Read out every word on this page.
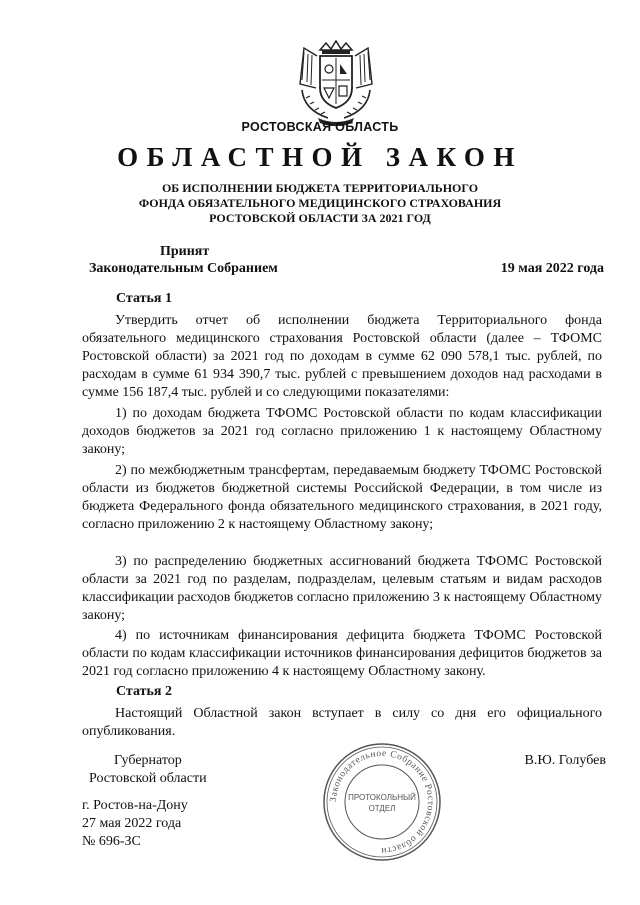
РОСТОВСКАЯ ОБЛАСТЬ
ОБЛАСТНОЙ ЗАКОН
ОБ ИСПОЛНЕНИИ БЮДЖЕТА ТЕРРИТОРИАЛЬНОГО
ФОНДА ОБЯЗАТЕЛЬНОГО МЕДИЦИНСКОГО СТРАХОВАНИЯ
РОСТОВСКОЙ ОБЛАСТИ ЗА 2021 ГОД
Принят
Законодательным Собранием	19 мая 2022 года
Статья 1

Утвердить отчет об исполнении бюджета Территориального фонда обязательного медицинского страхования Ростовской области (далее – ТФОМС Ростовской области) за 2021 год по доходам в сумме 62 090 578,1 тыс. рублей, по расходам в сумме 61 934 390,7 тыс. рублей с превышением доходов над расходами в сумме 156 187,4 тыс. рублей и со следующими показателями:

1) по доходам бюджета ТФОМС Ростовской области по кодам классификации доходов бюджетов за 2021 год согласно приложению 1 к настоящему Областному закону;

2) по межбюджетным трансфертам, передаваемым бюджету ТФОМС Ростовской области из бюджетов бюджетной системы Российской Федерации, в том числе из бюджета Федерального фонда обязательного медицинского страхования, в 2021 году, согласно приложению 2 к настоящему Областному закону;

3) по распределению бюджетных ассигнований бюджета ТФОМС Ростовской области за 2021 год по разделам, подразделам, целевым статьям и видам расходов классификации расходов бюджетов согласно приложению 3 к настоящему Областному закону;

4) по источникам финансирования дефицита бюджета ТФОМС Ростовской области по кодам классификации источников финансирования дефицитов бюджетов за 2021 год согласно приложению 4 к настоящему Областному закону.

Статья 2

Настоящий Областной закон вступает в силу со дня его официального опубликования.

Губернатор
Ростовской области
В.Ю. Голубев
г. Ростов-на-Дону
27 мая 2022 года
№ 696-ЗС
Законодательное Собрание Ростовской области
ПРОТОКОЛЬНЫЙ
ОТДЕЛ
